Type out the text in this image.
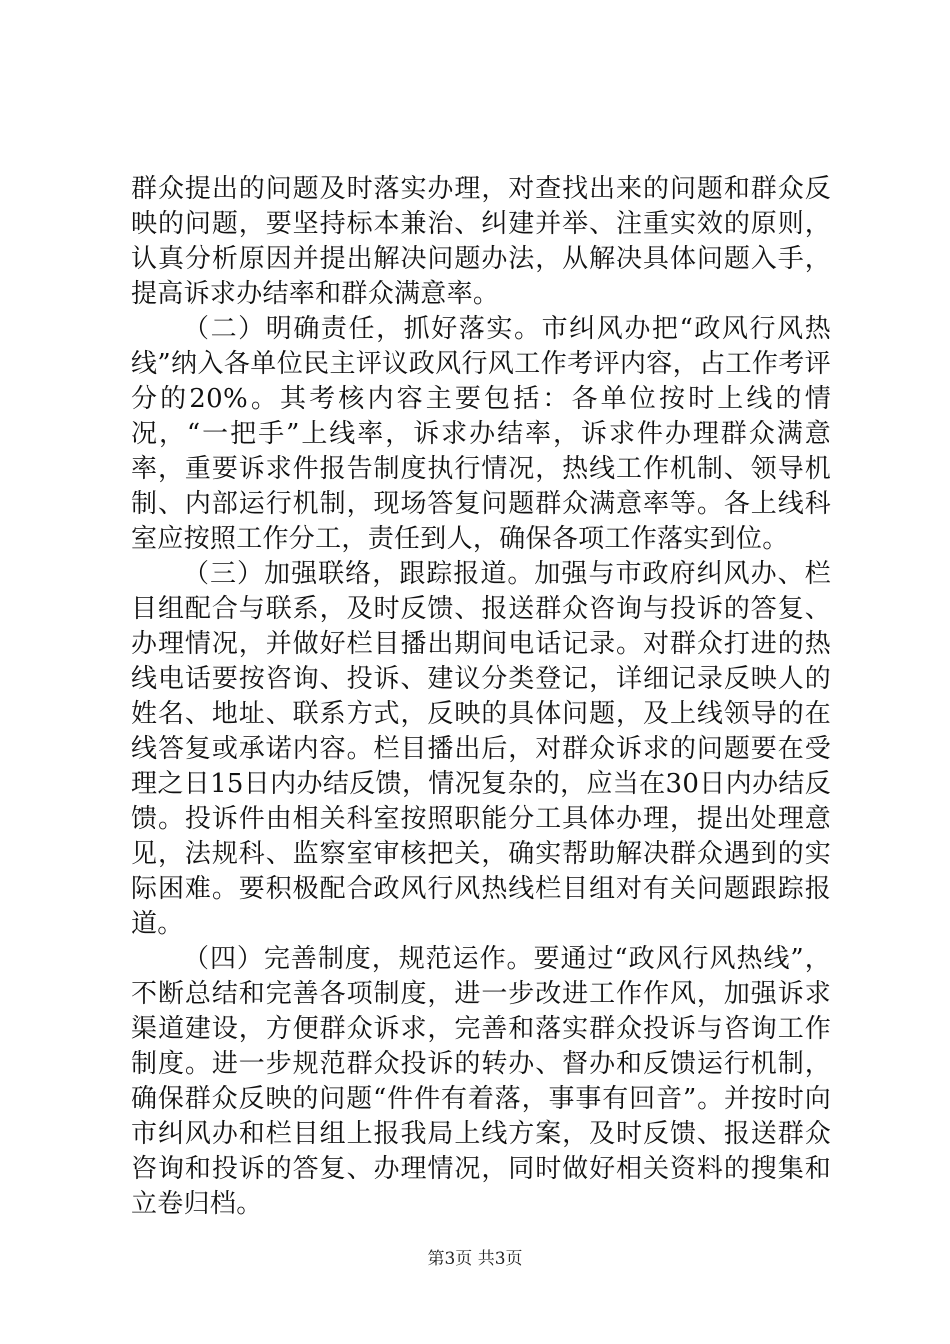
群众提出的问题及时落实办理，对查找出来的问题和群众反映的问题，要坚持标本兼治、纠建并举、注重实效的原则，认真分析原因并提出解决问题办法，从解决具体问题入手，提高诉求办结率和群众满意率。

（二）明确责任，抓好落实。市纠风办把“政风行风热线”纳入各单位民主评议政风行风工作考评内容，占工作考评分的20%。其考核内容主要包括：各单位按时上线的情况，“一把手”上线率，诉求办结率，诉求件办理群众满意率，重要诉求件报告制度执行情况，热线工作机制、领导机制、内部运行机制，现场答复问题群众满意率等。各上线科室应按照工作分工，责任到人，确保各项工作落实到位。

（三）加强联络，跟踪报道。加强与市政府纠风办、栏目组配合与联系，及时反馈、报送群众咨询与投诉的答复、办理情况，并做好栏目播出期间电话记录。对群众打进的热线电话要按咨询、投诉、建议分类登记，详细记录反映人的姓名、地址、联系方式，反映的具体问题，及上线领导的在线答复或承诺内容。栏目播出后，对群众诉求的问题要在受理之日15日内办结反馈，情况复杂的，应当在30日内办结反馈。投诉件由相关科室按照职能分工具体办理，提出处理意见，法规科、监察室审核把关，确实帮助解决群众遇到的实际困难。要积极配合政风行风热线栏目组对有关问题跟踪报道。

（四）完善制度，规范运作。要通过“政风行风热线”，不断总结和完善各项制度，进一步改进工作作风，加强诉求渠道建设，方便群众诉求，完善和落实群众投诉与咨询工作制度。进一步规范群众投诉的转办、督办和反馈运行机制，确保群众反映的问题“件件有着落，事事有回音”。并按时向市纠风办和栏目组上报我局上线方案，及时反馈、报送群众咨询和投诉的答复、办理情况，同时做好相关资料的搜集和立卷归档。

第3页 共3页
